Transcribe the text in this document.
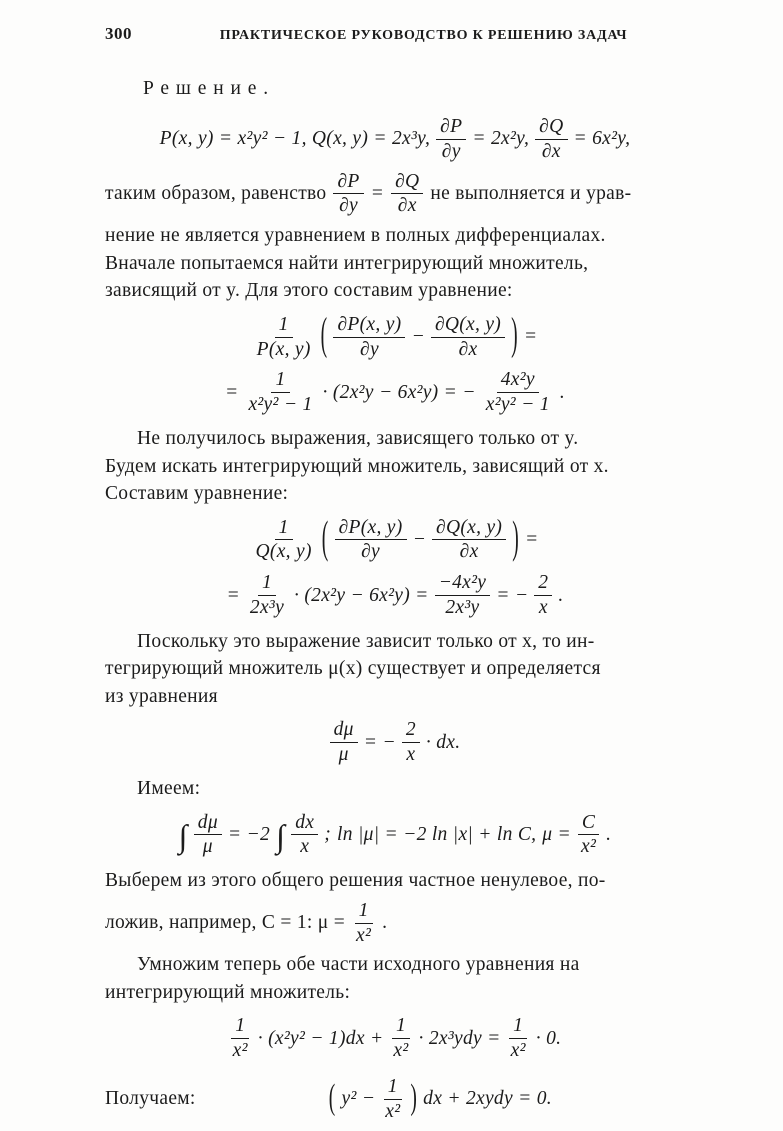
300	ПРАКТИЧЕСКОЕ РУКОВОДСТВО К РЕШЕНИЮ ЗАДАЧ
Решение.
P(x, y) = x²y² − 1, Q(x, y) = 2x³y, $\frac{\partial P}{\partial y} = 2x^2y$, $\frac{\partial Q}{\partial x} = 6x^2y$,
таким образом, равенство $\frac{\partial P}{\partial y} = \frac{\partial Q}{\partial x}$ не выполняется и урав-
нение не является уравнением в полных дифференциалах.
Вначале попытаемся найти интегрирующий множитель,
зависящий от y. Для этого составим уравнение:
$\frac{1}{P(x, y)}$ ( $\frac{\partial P(x, y)}{\partial y} - \frac{\partial Q(x, y)}{\partial x}$ ) =
= $\frac{1}{\text{x²y² − 1}} \cdot (2x^2y - 6x^2y)$ = − $\frac{\text{4x²y}}{\text{x²y² − 1}}$ .
Не получилось выражения, зависящего только от y.
Будем искать интегрирующий множитель, зависящий от x.
Составим уравнение:
$\frac{1}{Q(x, y)}$ ( $\frac{\partial P(x, y)}{\partial y} - \frac{\partial Q(x, y)}{\partial x}$ ) =
= $\frac{1}{\text{2x³y}} \cdot (2x^2y - 6x^2y) = \frac{\text{−4x²y}}{\text{2x³y}}$ = − $\frac{2}{x}$ .
Поскольку это выражение зависит только от x, то ин-
тегрирующий множитель μ(x) существует и определяется
из уравнения
$\frac{d\mu}{\mu}$ = − $\frac{2}{x}$ · dx.
Имеем:
∫ $\frac{d\mu}{\mu} = -2$ ∫ $\frac{dx}{x}$ ; ln |μ| = −2 ln |x| + ln C, $\mu = \frac{C}{\text{x²}}$ .
Выберем из этого общего решения частное ненулевое, по-
ложив, например, C = 1: $\mu = \frac{1}{\text{x²}}$ .
Умножим теперь обе части исходного уравнения на
интегрирующий множитель:
$\frac{1}{\text{x²}} \cdot (x^2y^2 - 1)dx + \frac{1}{\text{x²}} \cdot 2x^3ydy = \frac{1}{\text{x²}} \cdot 0$.
Получаем:	( $y^2 - \frac{1}{\text{x²}}$ ) dx + 2xydy = 0.
